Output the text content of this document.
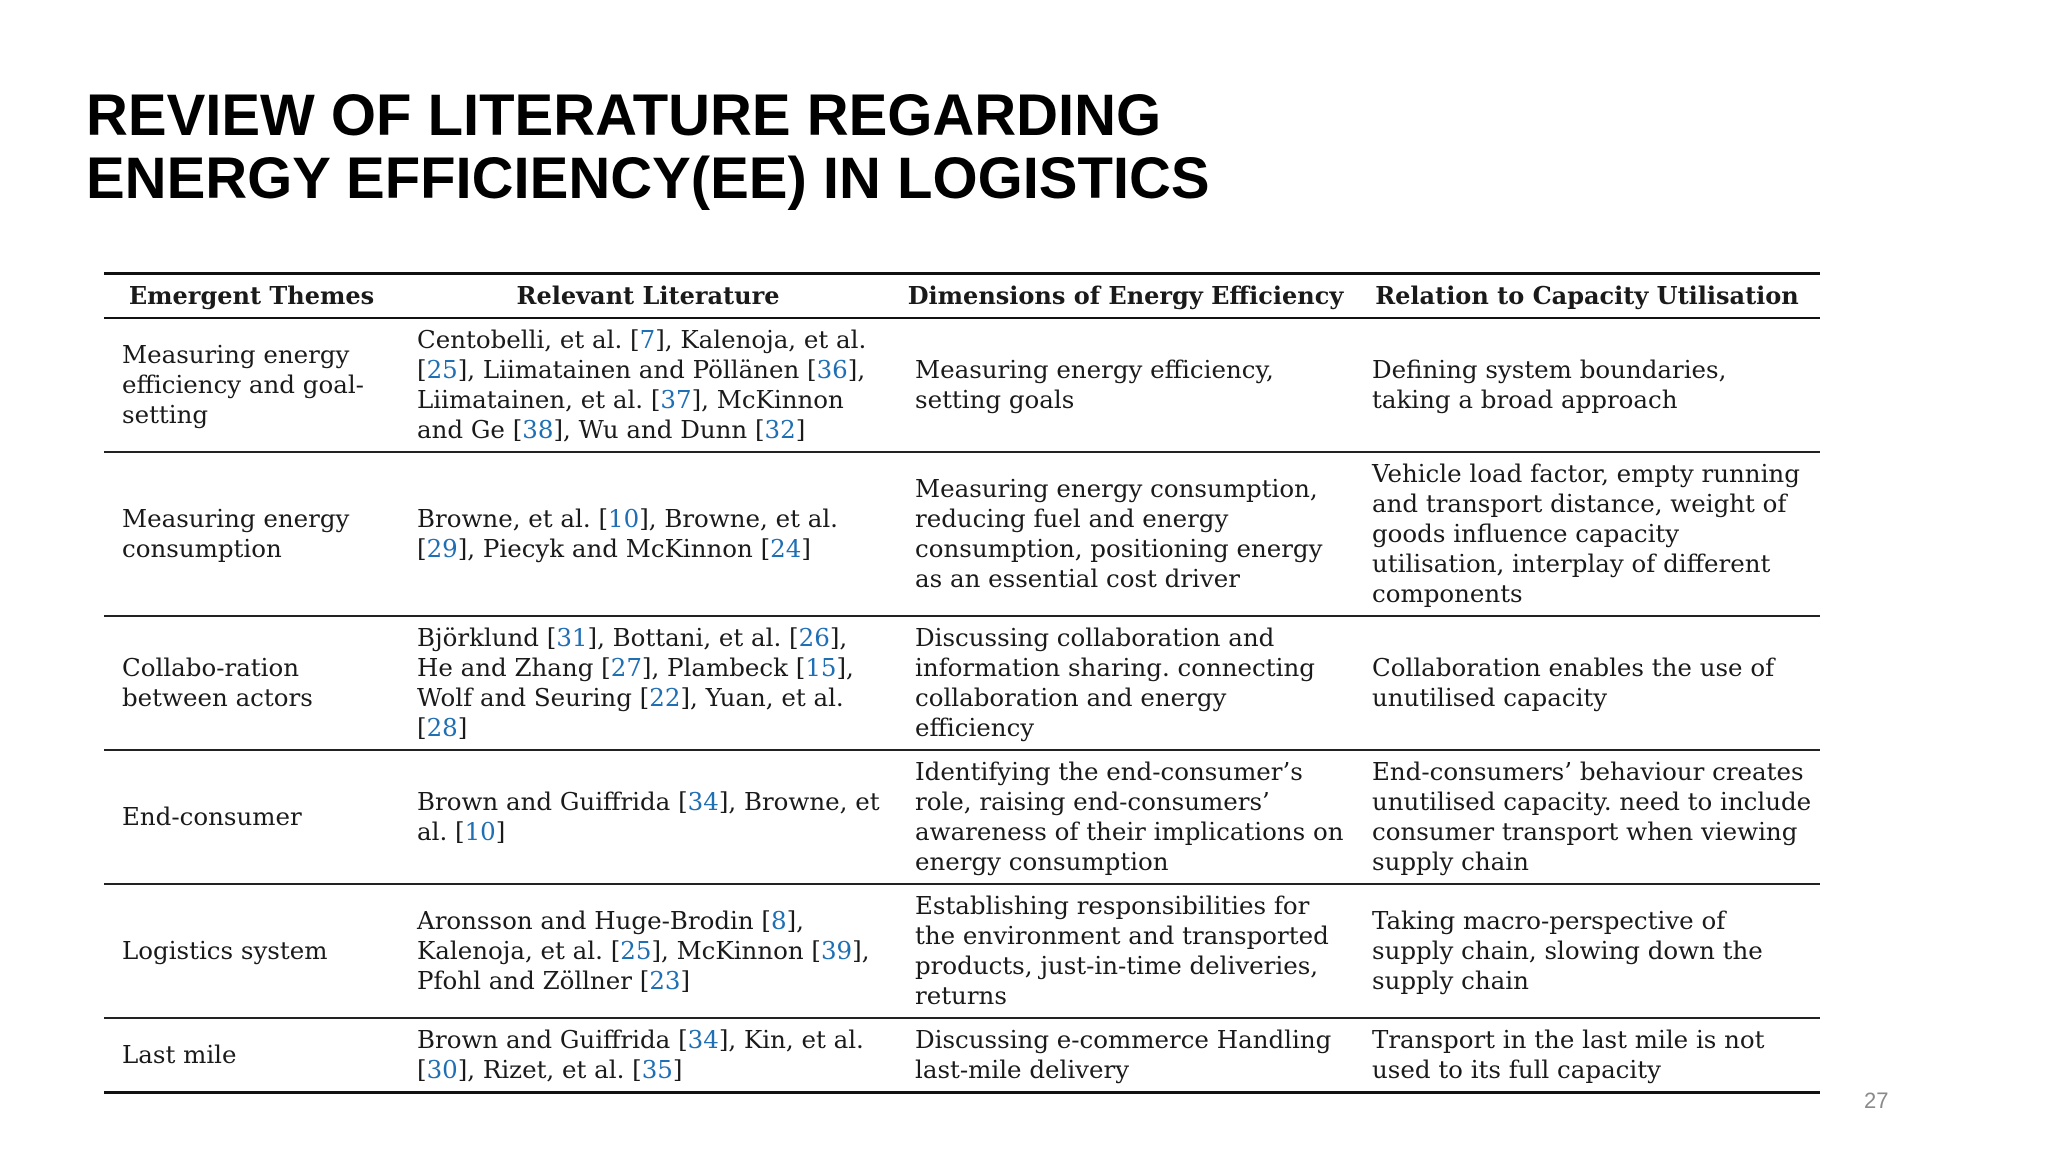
REVIEW OF LITERATURE REGARDING
ENERGY EFFICIENCY(EE) IN LOGISTICS
Emergent Themes	Relevant Literature	Dimensions of Energy Efficiency	Relation to Capacity Utilisation
Measuring energy efficiency and goal-setting	Centobelli, et al. [7], Kalenoja, et al. [25], Liimatainen and Pöllänen [36], Liimatainen, et al. [37], McKinnon and Ge [38], Wu and Dunn [32]	Measuring energy efficiency, setting goals	Defining system boundaries, taking a broad approach
Measuring energy consumption	Browne, et al. [10], Browne, et al. [29], Piecyk and McKinnon [24]	Measuring energy consumption, reducing fuel and energy consumption, positioning energy as an essential cost driver	Vehicle load factor, empty running and transport distance, weight of goods influence capacity utilisation, interplay of different components
Collabo-ration between actors	Björklund [31], Bottani, et al. [26], He and Zhang [27], Plambeck [15], Wolf and Seuring [22], Yuan, et al. [28]	Discussing collaboration and information sharing. connecting collaboration and energy efficiency	Collaboration enables the use of unutilised capacity
End-consumer	Brown and Guiffrida [34], Browne, et al. [10]	Identifying the end-consumer’s role, raising end-consumers’ awareness of their implications on energy consumption	End-consumers’ behaviour creates unutilised capacity. need to include consumer transport when viewing supply chain
Logistics system	Aronsson and Huge-Brodin [8], Kalenoja, et al. [25], McKinnon [39], Pfohl and Zöllner [23]	Establishing responsibilities for the environment and transported products, just-in-time deliveries, returns	Taking macro-perspective of supply chain, slowing down the supply chain
Last mile	Brown and Guiffrida [34], Kin, et al. [30], Rizet, et al. [35]	Discussing e-commerce Handling last-mile delivery	Transport in the last mile is not used to its full capacity
27
